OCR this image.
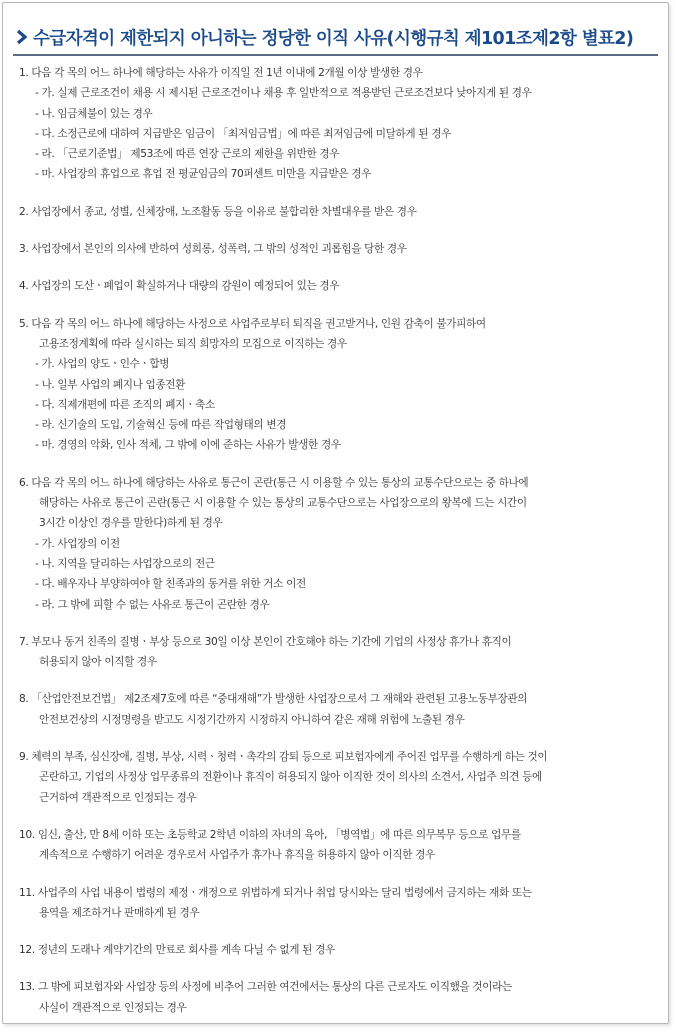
수급자격이 제한되지 아니하는 정당한 이직 사유(시행규칙 제101조제2항 별표2)
1. 다음 각 목의 어느 하나에 해당하는 사유가 이직일 전 1년 이내에 2개월 이상 발생한 경우
- 가. 실제 근로조건이 채용 시 제시된 근로조건이나 채용 후 일반적으로 적용받던 근로조건보다 낮아지게 된 경우
- 나. 임금체불이 있는 경우
- 다. 소정근로에 대하여 지급받은 임금이 「최저임금법」에 따른 최저임금에 미달하게 된 경우
- 라. 「근로기준법」 제53조에 따른 연장 근로의 제한을 위반한 경우
- 마. 사업장의 휴업으로 휴업 전 평균임금의 70퍼센트 미만을 지급받은 경우
2. 사업장에서 종교, 성별, 신체장애, 노조활동 등을 이유로 불합리한 차별대우를 받은 경우
3. 사업장에서 본인의 의사에 반하여 성희롱, 성폭력, 그 밖의 성적인 괴롭힘을 당한 경우
4. 사업장의 도산ㆍ폐업이 확실하거나 대량의 감원이 예정되어 있는 경우
5. 다음 각 목의 어느 하나에 해당하는 사정으로 사업주로부터 퇴직을 권고받거나, 인원 감축이 불가피하여
고용조정계획에 따라 실시하는 퇴직 희망자의 모집으로 이직하는 경우
- 가. 사업의 양도ㆍ인수ㆍ합병
- 나. 일부 사업의 폐지나 업종전환
- 다. 직제개편에 따른 조직의 폐지ㆍ축소
- 라. 신기술의 도입, 기술혁신 등에 따른 작업형태의 변경
- 마. 경영의 악화, 인사 적체, 그 밖에 이에 준하는 사유가 발생한 경우
6. 다음 각 목의 어느 하나에 해당하는 사유로 통근이 곤란(통근 시 이용할 수 있는 통상의 교통수단으로는 중 하나에
해당하는 사유로 통근이 곤란(통근 시 이용할 수 있는 통상의 교통수단으로는 사업장으로의 왕복에 드는 시간이
3시간 이상인 경우를 말한다)하게 된 경우
- 가. 사업장의 이전
- 나. 지역을 달리하는 사업장으로의 전근
- 다. 배우자나 부양하여야 할 친족과의 동거를 위한 거소 이전
- 라. 그 밖에 피할 수 없는 사유로 통근이 곤란한 경우
7. 부모나 동거 친족의 질병ㆍ부상 등으로 30일 이상 본인이 간호해야 하는 기간에 기업의 사정상 휴가나 휴직이
허용되지 않아 이직할 경우
8. 「산업안전보건법」 제2조제7호에 따른 “중대재해”가 발생한 사업장으로서 그 재해와 관련된 고용노동부장관의
안전보건상의 시정명령을 받고도 시정기간까지 시정하지 아니하여 같은 재해 위험에 노출된 경우
9. 체력의 부족, 심신장애, 질병, 부상, 시력ㆍ청력ㆍ촉각의 감퇴 등으로 피보험자에게 주어진 업무를 수행하게 하는 것이
곤란하고, 기업의 사정상 업무종류의 전환이나 휴직이 허용되지 않아 이직한 것이 의사의 소견서, 사업주 의견 등에
근거하여 객관적으로 인정되는 경우
10. 임신, 출산, 만 8세 이하 또는 초등학교 2학년 이하의 자녀의 육아, 「병역법」에 따른 의무복무 등으로 업무를
계속적으로 수행하기 어려운 경우로서 사업주가 휴가나 휴직을 허용하지 않아 이직한 경우
11. 사업주의 사업 내용이 법령의 제정ㆍ개정으로 위법하게 되거나 취업 당시와는 달리 법령에서 금지하는 재화 또는
용역을 제조하거나 판매하게 된 경우
12. 정년의 도래나 계약기간의 만료로 회사를 계속 다닐 수 없게 된 경우
13. 그 밖에 피보험자와 사업장 등의 사정에 비추어 그러한 여건에서는 통상의 다른 근로자도 이직했을 것이라는
사실이 객관적으로 인정되는 경우
